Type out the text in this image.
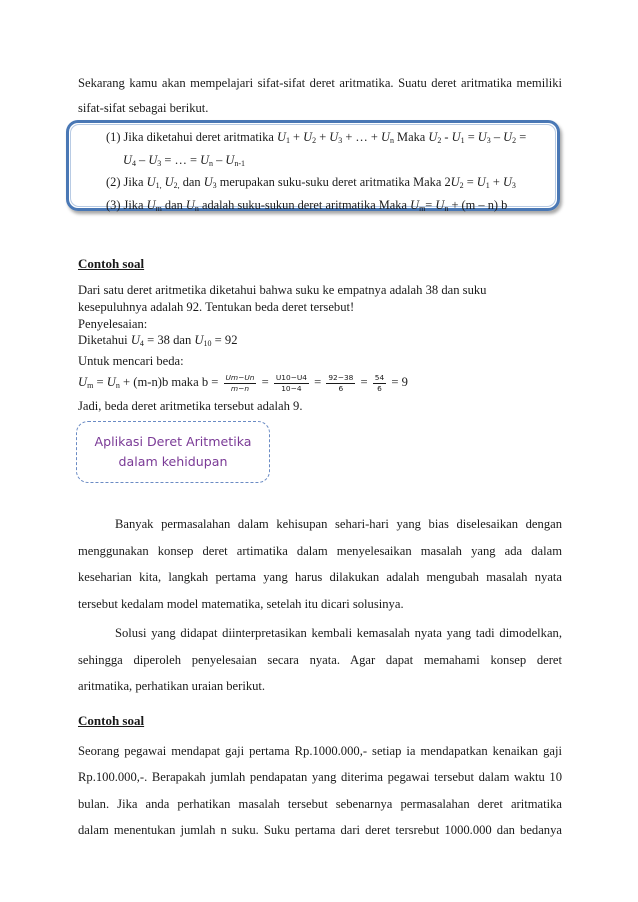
Sekarang kamu akan mempelajari sifat-sifat deret aritmatika. Suatu deret aritmatika memiliki
sifat-sifat sebagai berikut.
(1) Jika diketahui deret aritmatika $U_1 + U_2 + U_3$ + … + $U_n$ Maka $U_2 - U_1 = U_3 - U_2$ =
$U_4 - U_3$ = … = $U_n - U_{n-1}$
(2) Jika $U_{1,}$ $U_{2,}$ dan $U_3$ merupakan suku-suku deret aritmatika Maka $2U_2 = U_1 + U_3$
(3) Jika $U_m$ dan $U_n$ adalah suku-sukun deret aritmatika Maka $U_m= U_n + (m - n)$ b
Contoh soal
Dari satu deret aritmetika diketahui bahwa suku ke empatnya adalah 38 dan suku
kesepuluhnya adalah 92. Tentukan beda deret tersebut!
Penyelesaian:
Diketahui $U_4 = 38$ dan $U_{10} = 92$
Untuk mencari beda:
$U_m = U_n + (m-n)b$ maka $b = \frac{Um-Un}{m-n} = \frac{U10-U4}{10-4} = \frac{92-38}{6} = \frac{54}{6} = 9$
Jadi, beda deret aritmetika tersebut adalah 9.
Aplikasi Deret Aritmetika
dalam kehidupan
Banyak permasalahan dalam kehisupan sehari-hari yang bias diselesaikan dengan
menggunakan konsep deret artimatika dalam menyelesaikan masalah yang ada dalam
keseharian kita, langkah pertama yang harus dilakukan adalah mengubah masalah nyata
tersebut kedalam model matematika, setelah itu dicari solusinya.
Solusi yang didapat diinterpretasikan kembali kemasalah nyata yang tadi dimodelkan,
sehingga diperoleh penyelesaian secara nyata. Agar dapat memahami konsep deret
aritmatika, perhatikan uraian berikut.
Contoh soal
Seorang pegawai mendapat gaji pertama Rp.1000.000,- setiap ia mendapatkan kenaikan gaji
Rp.100.000,-. Berapakah jumlah pendapatan yang diterima pegawai tersebut dalam waktu 10
bulan. Jika anda perhatikan masalah tersebut sebenarnya permasalahan deret aritmatika
dalam menentukan jumlah n suku. Suku pertama dari deret tersrebut 1000.000 dan bedanya
